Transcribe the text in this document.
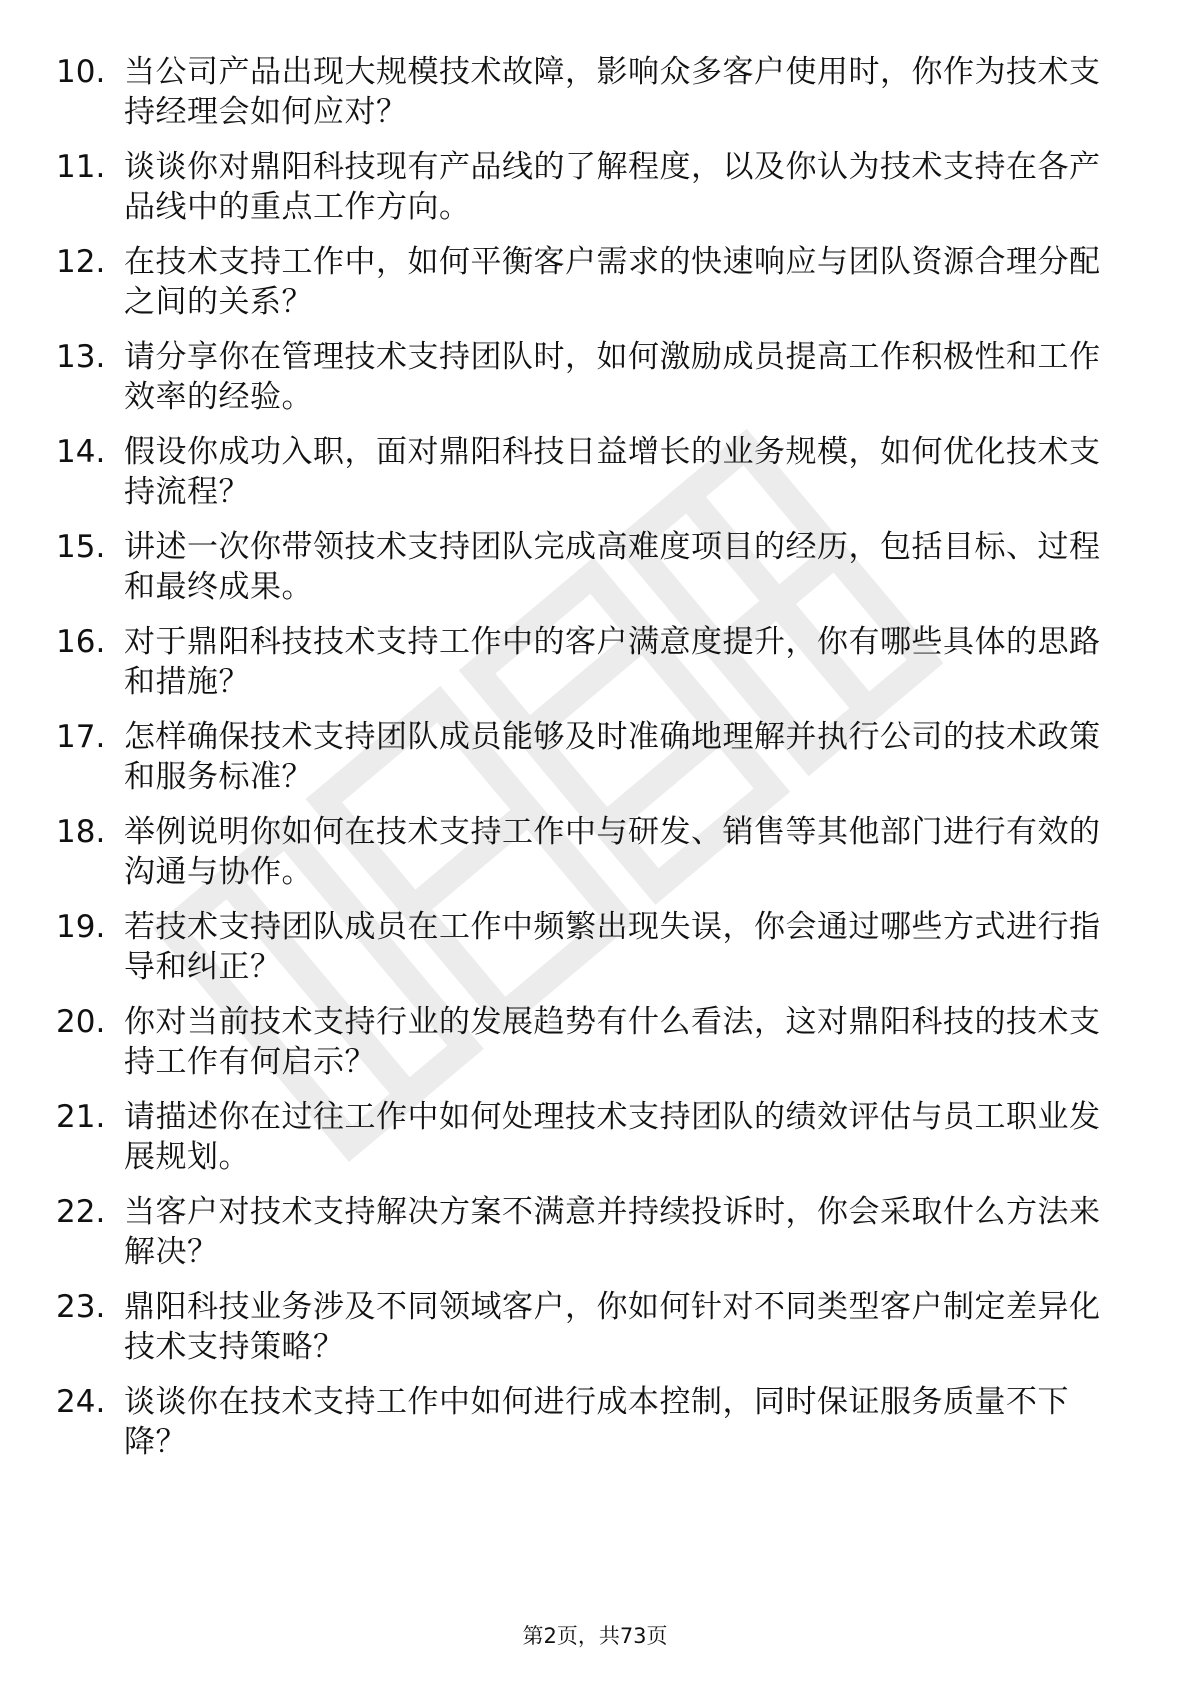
10. 当公司产品出现大规模技术故障，影响众多客户使用时，你作为技术支持经理会如何应对？
11. 谈谈你对鼎阳科技现有产品线的了解程度，以及你认为技术支持在各产品线中的重点工作方向。
12. 在技术支持工作中，如何平衡客户需求的快速响应与团队资源合理分配之间的关系？
13. 请分享你在管理技术支持团队时，如何激励成员提高工作积极性和工作效率的经验。
14. 假设你成功入职，面对鼎阳科技日益增长的业务规模，如何优化技术支持流程？
15. 讲述一次你带领技术支持团队完成高难度项目的经历，包括目标、过程和最终成果。
16. 对于鼎阳科技技术支持工作中的客户满意度提升，你有哪些具体的思路和措施？
17. 怎样确保技术支持团队成员能够及时准确地理解并执行公司的技术政策和服务标准？
18. 举例说明你如何在技术支持工作中与研发、销售等其他部门进行有效的沟通与协作。
19. 若技术支持团队成员在工作中频繁出现失误，你会通过哪些方式进行指导和纠正？
20. 你对当前技术支持行业的发展趋势有什么看法，这对鼎阳科技的技术支持工作有何启示？
21. 请描述你在过往工作中如何处理技术支持团队的绩效评估与员工职业发展规划。
22. 当客户对技术支持解决方案不满意并持续投诉时，你会采取什么方法来解决？
23. 鼎阳科技业务涉及不同领域客户，你如何针对不同类型客户制定差异化技术支持策略？
24. 谈谈你在技术支持工作中如何进行成本控制，同时保证服务质量不下降？
第2页，共73页
